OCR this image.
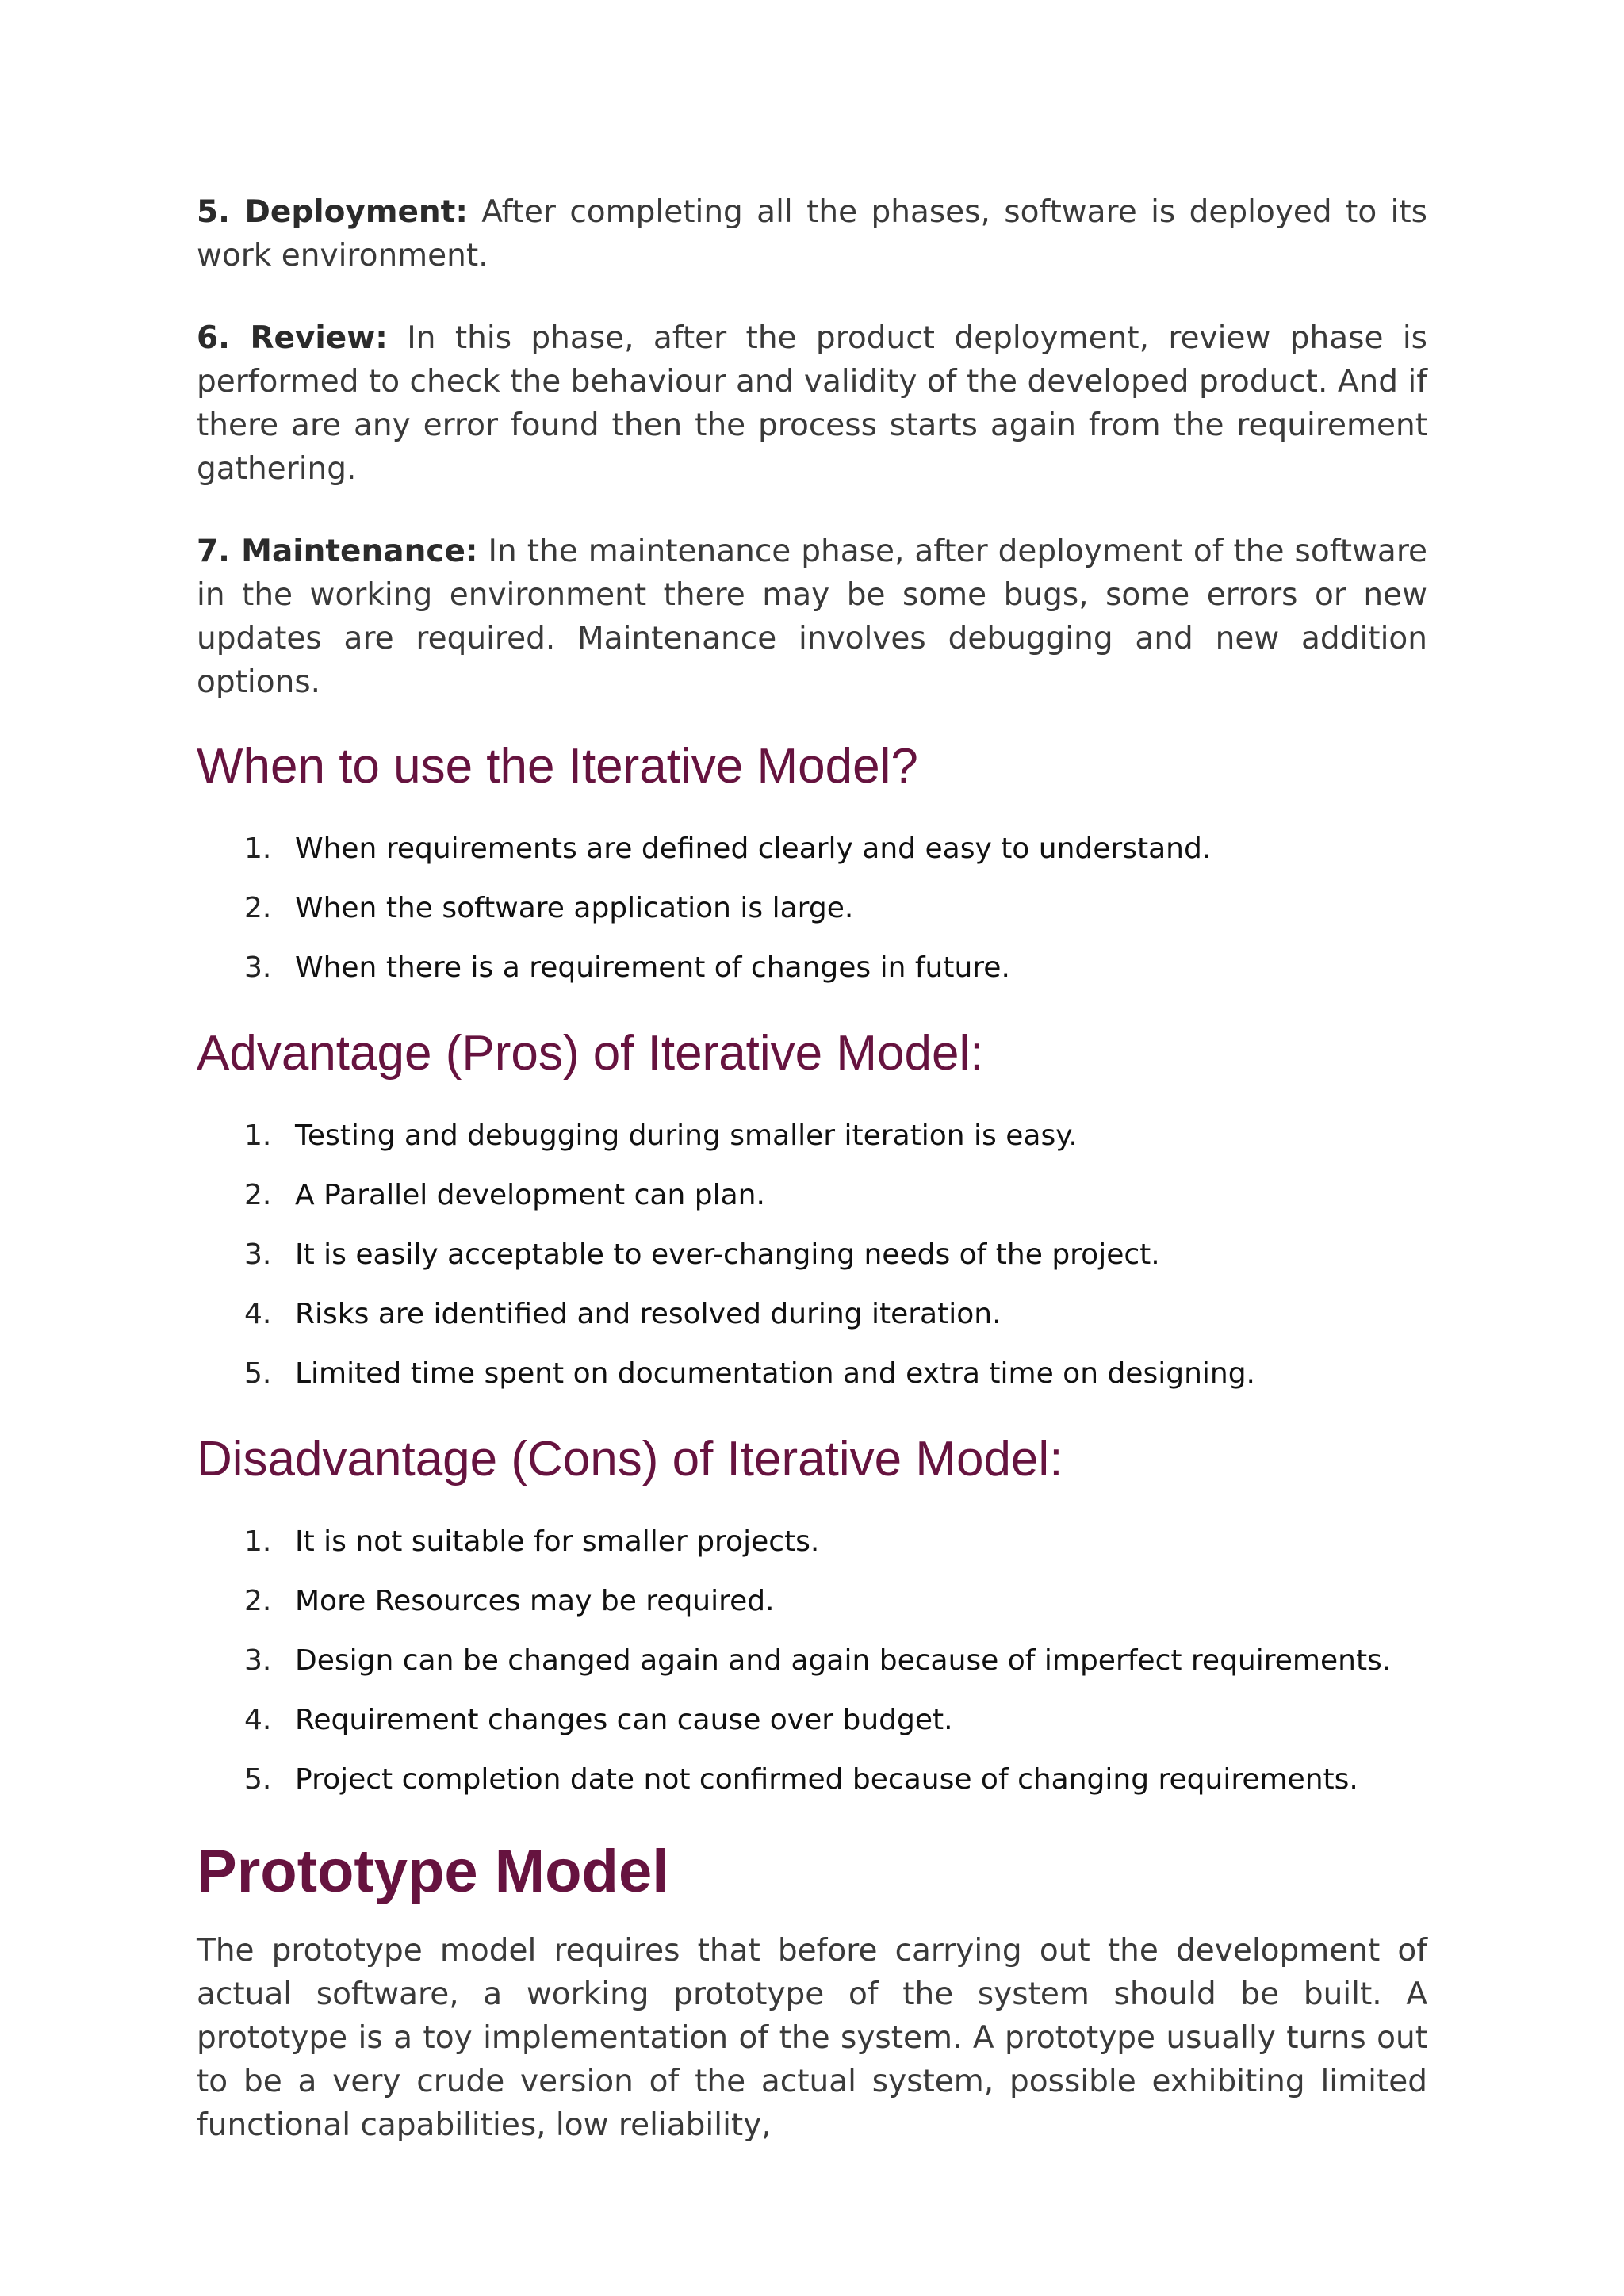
5. Deployment: After completing all the phases, software is deployed to its work environment.

6. Review: In this phase, after the product deployment, review phase is performed to check the behaviour and validity of the developed product. And if there are any error found then the process starts again from the requirement gathering.

7. Maintenance: In the maintenance phase, after deployment of the software in the working environment there may be some bugs, some errors or new updates are required. Maintenance involves debugging and new addition options.

When to use the Iterative Model?
1. When requirements are defined clearly and easy to understand.
2. When the software application is large.
3. When there is a requirement of changes in future.
Advantage (Pros) of Iterative Model:
1. Testing and debugging during smaller iteration is easy.
2. A Parallel development can plan.
3. It is easily acceptable to ever-changing needs of the project.
4. Risks are identified and resolved during iteration.
5. Limited time spent on documentation and extra time on designing.
Disadvantage (Cons) of Iterative Model:
1. It is not suitable for smaller projects.
2. More Resources may be required.
3. Design can be changed again and again because of imperfect requirements.
4. Requirement changes can cause over budget.
5. Project completion date not confirmed because of changing requirements.
Prototype Model

The prototype model requires that before carrying out the development of actual software, a working prototype of the system should be built. A prototype is a toy implementation of the system. A prototype usually turns out to be a very crude version of the actual system, possible exhibiting limited functional capabilities, low reliability,
